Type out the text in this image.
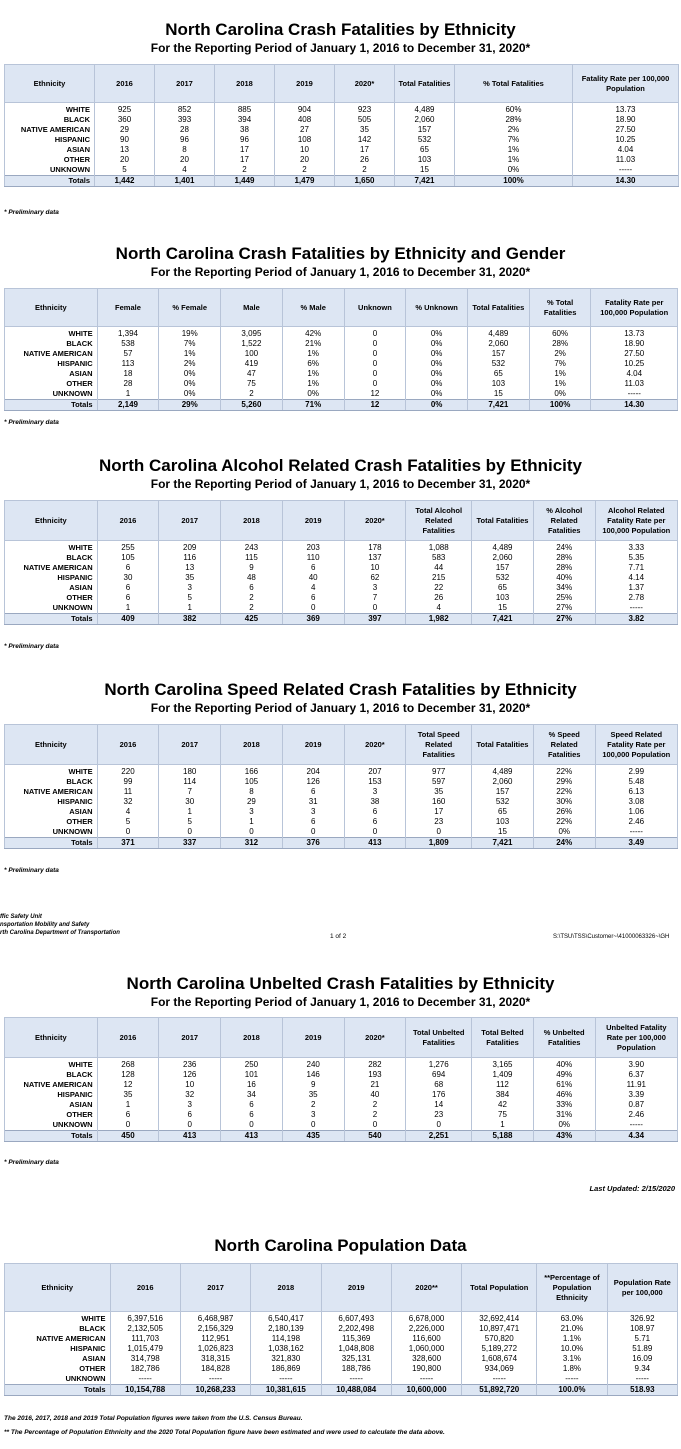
North Carolina Crash Fatalities by Ethnicity
For the Reporting Period of January 1, 2016 to December 31, 2020*
Ethnicity	2016	2017	2018	2019	2020*	Total Fatalities	% Total Fatalities	Fatality Rate per 100,000 Population
WHITE	925	852	885	904	923	4,489	60%	13.73
BLACK	360	393	394	408	505	2,060	28%	18.90
NATIVE AMERICAN	29	28	38	27	35	157	2%	27.50
HISPANIC	90	96	96	108	142	532	7%	10.25
ASIAN	13	8	17	10	17	65	1%	4.04
OTHER	20	20	17	20	26	103	1%	11.03
UNKNOWN	5	4	2	2	2	15	0%	-----
Totals	1,442	1,401	1,449	1,479	1,650	7,421	100%	14.30
* Preliminary data
North Carolina Crash Fatalities by Ethnicity and Gender
For the Reporting Period of January 1, 2016 to December 31, 2020*
Ethnicity	Female	% Female	Male	% Male	Unknown	% Unknown	Total Fatalities	% Total Fatalities	Fatality Rate per 100,000 Population
WHITE	1,394	19%	3,095	42%	0	0%	4,489	60%	13.73
BLACK	538	7%	1,522	21%	0	0%	2,060	28%	18.90
NATIVE AMERICAN	57	1%	100	1%	0	0%	157	2%	27.50
HISPANIC	113	2%	419	6%	0	0%	532	7%	10.25
ASIAN	18	0%	47	1%	0	0%	65	1%	4.04
OTHER	28	0%	75	1%	0	0%	103	1%	11.03
UNKNOWN	1	0%	2	0%	12	0%	15	0%	-----
Totals	2,149	29%	5,260	71%	12	0%	7,421	100%	14.30
* Preliminary data
North Carolina Alcohol Related Crash Fatalities by Ethnicity
For the Reporting Period of January 1, 2016 to December 31, 2020*
Ethnicity	2016	2017	2018	2019	2020*	Total Alcohol Related Fatalities	Total Fatalities	% Alcohol Related Fatalities	Alcohol Related Fatality Rate per 100,000 Population
WHITE	255	209	243	203	178	1,088	4,489	24%	3.33
BLACK	105	116	115	110	137	583	2,060	28%	5.35
NATIVE AMERICAN	6	13	9	6	10	44	157	28%	7.71
HISPANIC	30	35	48	40	62	215	532	40%	4.14
ASIAN	6	3	6	4	3	22	65	34%	1.37
OTHER	6	5	2	6	7	26	103	25%	2.78
UNKNOWN	1	1	2	0	0	4	15	27%	-----
Totals	409	382	425	369	397	1,982	7,421	27%	3.82
* Preliminary data
North Carolina Speed Related Crash Fatalities by Ethnicity
For the Reporting Period of January 1, 2016 to December 31, 2020*
Ethnicity	2016	2017	2018	2019	2020*	Total Speed Related Fatalities	Total Fatalities	% Speed Related Fatalities	Speed Related Fatality Rate per 100,000 Population
WHITE	220	180	166	204	207	977	4,489	22%	2.99
BLACK	99	114	105	126	153	597	2,060	29%	5.48
NATIVE AMERICAN	11	7	8	6	3	35	157	22%	6.13
HISPANIC	32	30	29	31	38	160	532	30%	3.08
ASIAN	4	1	3	3	6	17	65	26%	1.06
OTHER	5	5	1	6	6	23	103	22%	2.46
UNKNOWN	0	0	0	0	0	0	15	0%	-----
Totals	371	337	312	376	413	1,809	7,421	24%	3.49
* Preliminary data
ffic Safety Unit
nsportation Mobility and Safety
rth Carolina Department of Transportation	1 of 2	S:\TSU\TSS\Customer~\41000063326~\GH
North Carolina Unbelted Crash Fatalities by Ethnicity
For the Reporting Period of January 1, 2016 to December 31, 2020*
Ethnicity	2016	2017	2018	2019	2020*	Total Unbelted Fatalities	Total Belted Fatalities	% Unbelted Fatalities	Unbelted Fatality Rate per 100,000 Population
WHITE	268	236	250	240	282	1,276	3,165	40%	3.90
BLACK	128	126	101	146	193	694	1,409	49%	6.37
NATIVE AMERICAN	12	10	16	9	21	68	112	61%	11.91
HISPANIC	35	32	34	35	40	176	384	46%	3.39
ASIAN	1	3	6	2	2	14	42	33%	0.87
OTHER	6	6	6	3	2	23	75	31%	2.46
UNKNOWN	0	0	0	0	0	0	1	0%	-----
Totals	450	413	413	435	540	2,251	5,188	43%	4.34
* Preliminary data
Last Updated: 2/15/2020
North Carolina Population Data
Ethnicity	2016	2017	2018	2019	2020**	Total Population	**Percentage of Population Ethnicity	Population Rate per 100,000
WHITE	6,397,516	6,468,987	6,540,417	6,607,493	6,678,000	32,692,414	63.0%	326.92
BLACK	2,132,505	2,156,329	2,180,139	2,202,498	2,226,000	10,897,471	21.0%	108.97
NATIVE AMERICAN	111,703	112,951	114,198	115,369	116,600	570,820	1.1%	5.71
HISPANIC	1,015,479	1,026,823	1,038,162	1,048,808	1,060,000	5,189,272	10.0%	51.89
ASIAN	314,798	318,315	321,830	325,131	328,600	1,608,674	3.1%	16.09
OTHER	182,786	184,828	186,869	188,786	190,800	934,069	1.8%	9.34
UNKNOWN	-----	-----	-----	-----	-----	-----	-----	-----
Totals	10,154,788	10,268,233	10,381,615	10,488,084	10,600,000	51,892,720	100.0%	518.93
The 2016, 2017, 2018 and 2019 Total Population figures were taken from the U.S. Census Bureau.
** The Percentage of Population Ethnicity and the 2020 Total Population figure have been estimated and were used to calculate the data above.
